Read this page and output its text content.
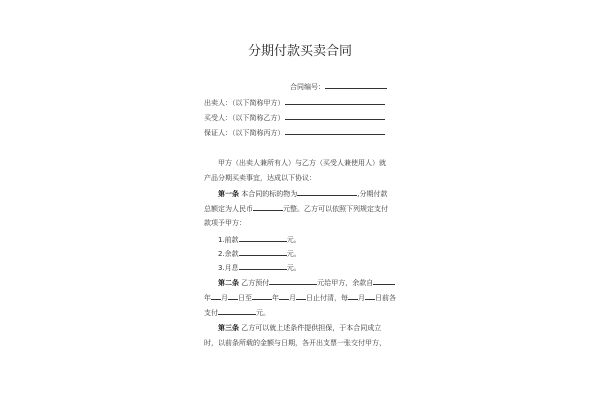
分期付款买卖合同
合同编号：
出卖人：（以下简称甲方）
买受人：（以下简称乙方）
保证人：（以下简称丙方）
甲方（出卖人兼所有人）与乙方（买受人兼使用人）就
产品分期买卖事宜，达成以下协议：
第一条 本合同的标的物为	,分期付款
总额定为人民币	元整。乙方可以依照下列规定支付
款项予甲方：
1.前款	元。
2.余款	元。
3.月息	元。
第二条 乙方预付	元给甲方，余款自
年 月 日至	年 月 日止付清，每 月 日前各
支付	元。
第三条 乙方可以就上述条件提供担保，于本合同成立
时，以前条所载的金额与日期，各开出支票一张交付甲方，
